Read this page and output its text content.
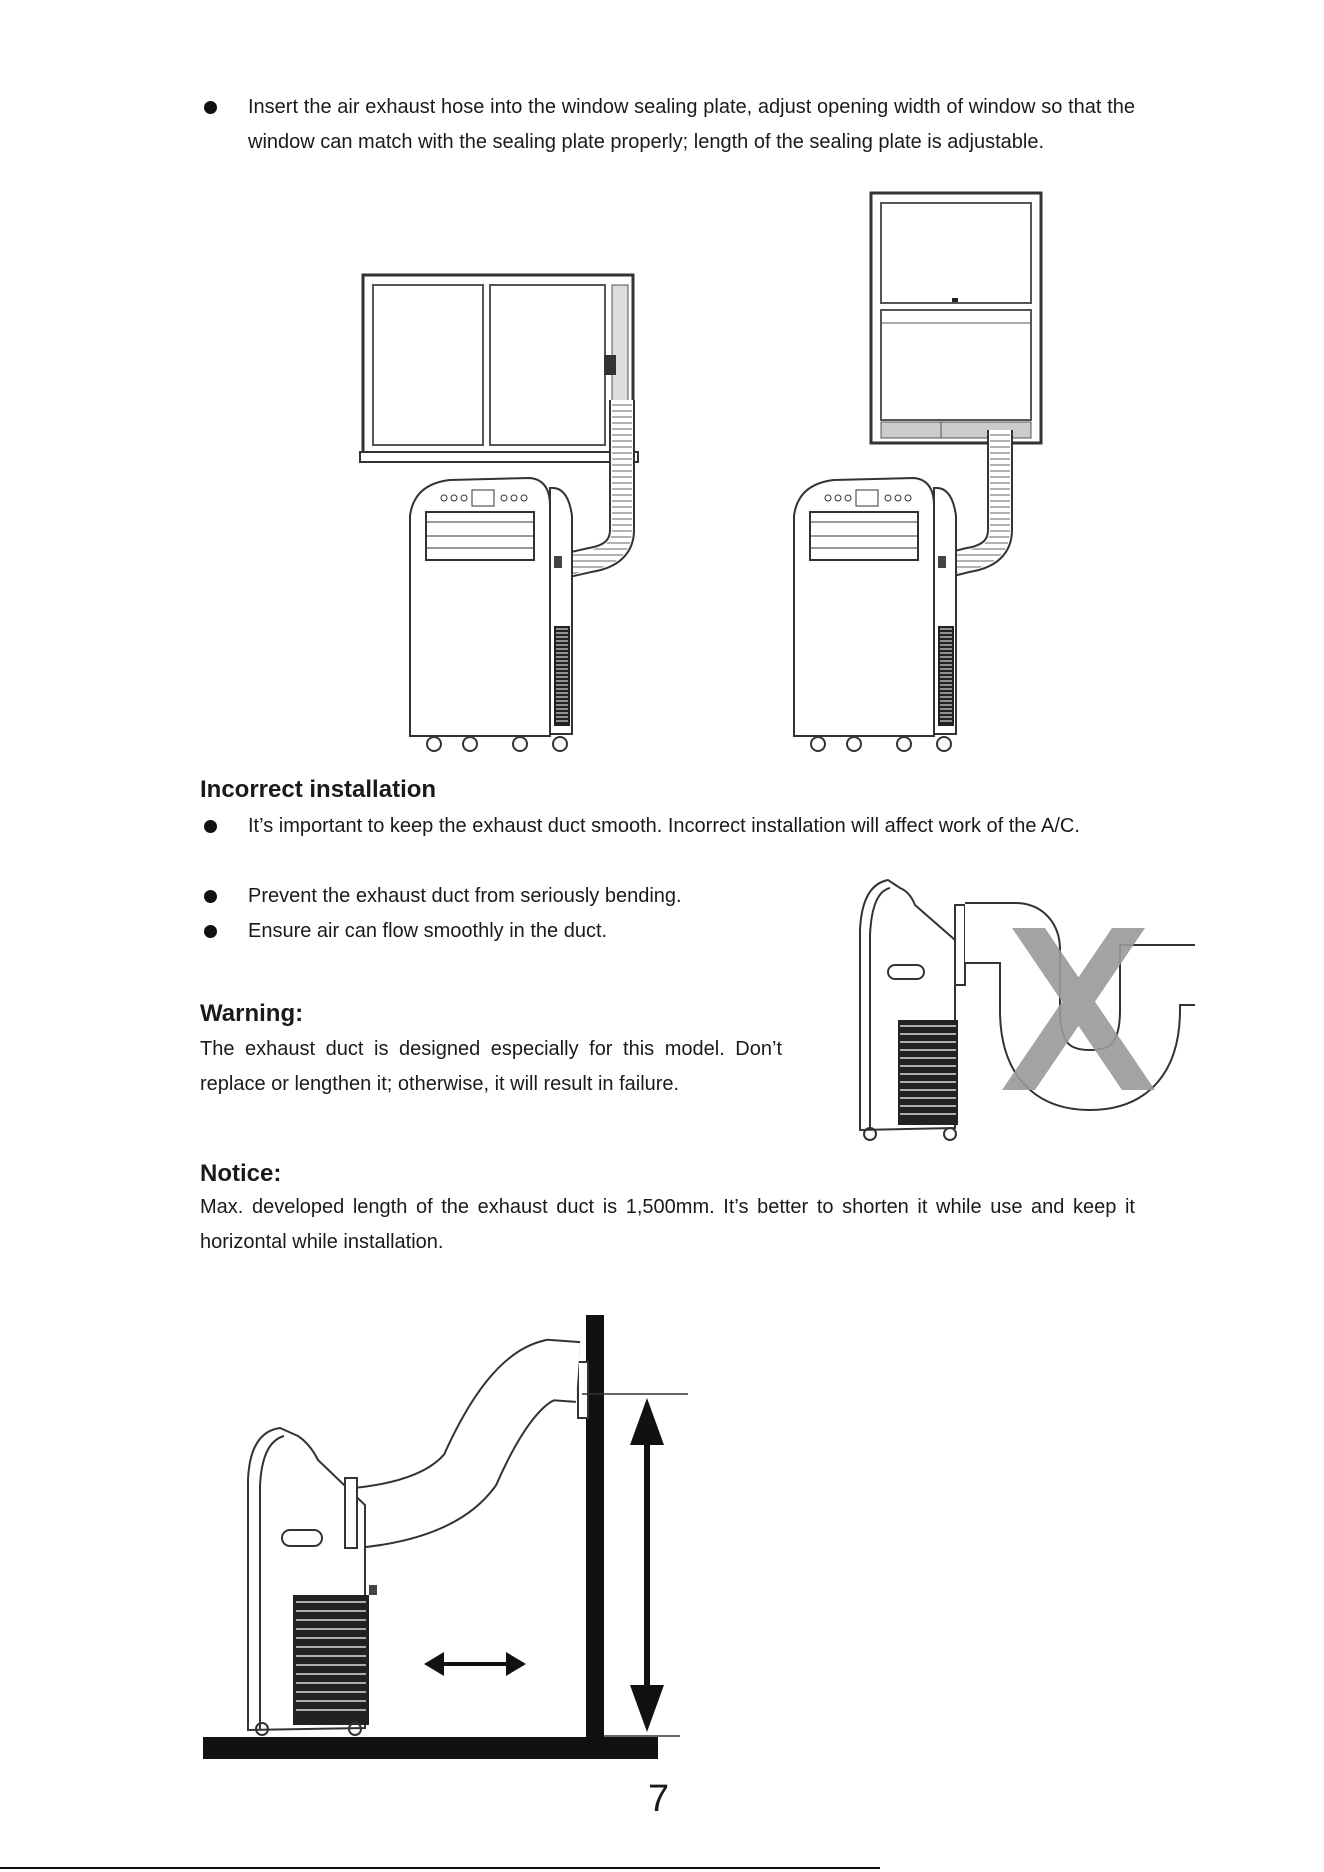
Insert the air exhaust hose into the window sealing plate, adjust opening width of window so that the window can match with the sealing plate properly; length of the sealing plate is adjustable.
Incorrect installation
It’s important to keep the exhaust duct smooth. Incorrect installation will affect work of the A/C.
Prevent the exhaust duct from seriously bending.
Ensure air can flow smoothly in the duct.
Warning:
The exhaust duct is designed especially for this model. Don’t replace or lengthen it; otherwise, it will result in failure.
Notice:
Max. developed length of the exhaust duct is 1,500mm. It’s better to shorten it while use and keep it horizontal while installation.
7
